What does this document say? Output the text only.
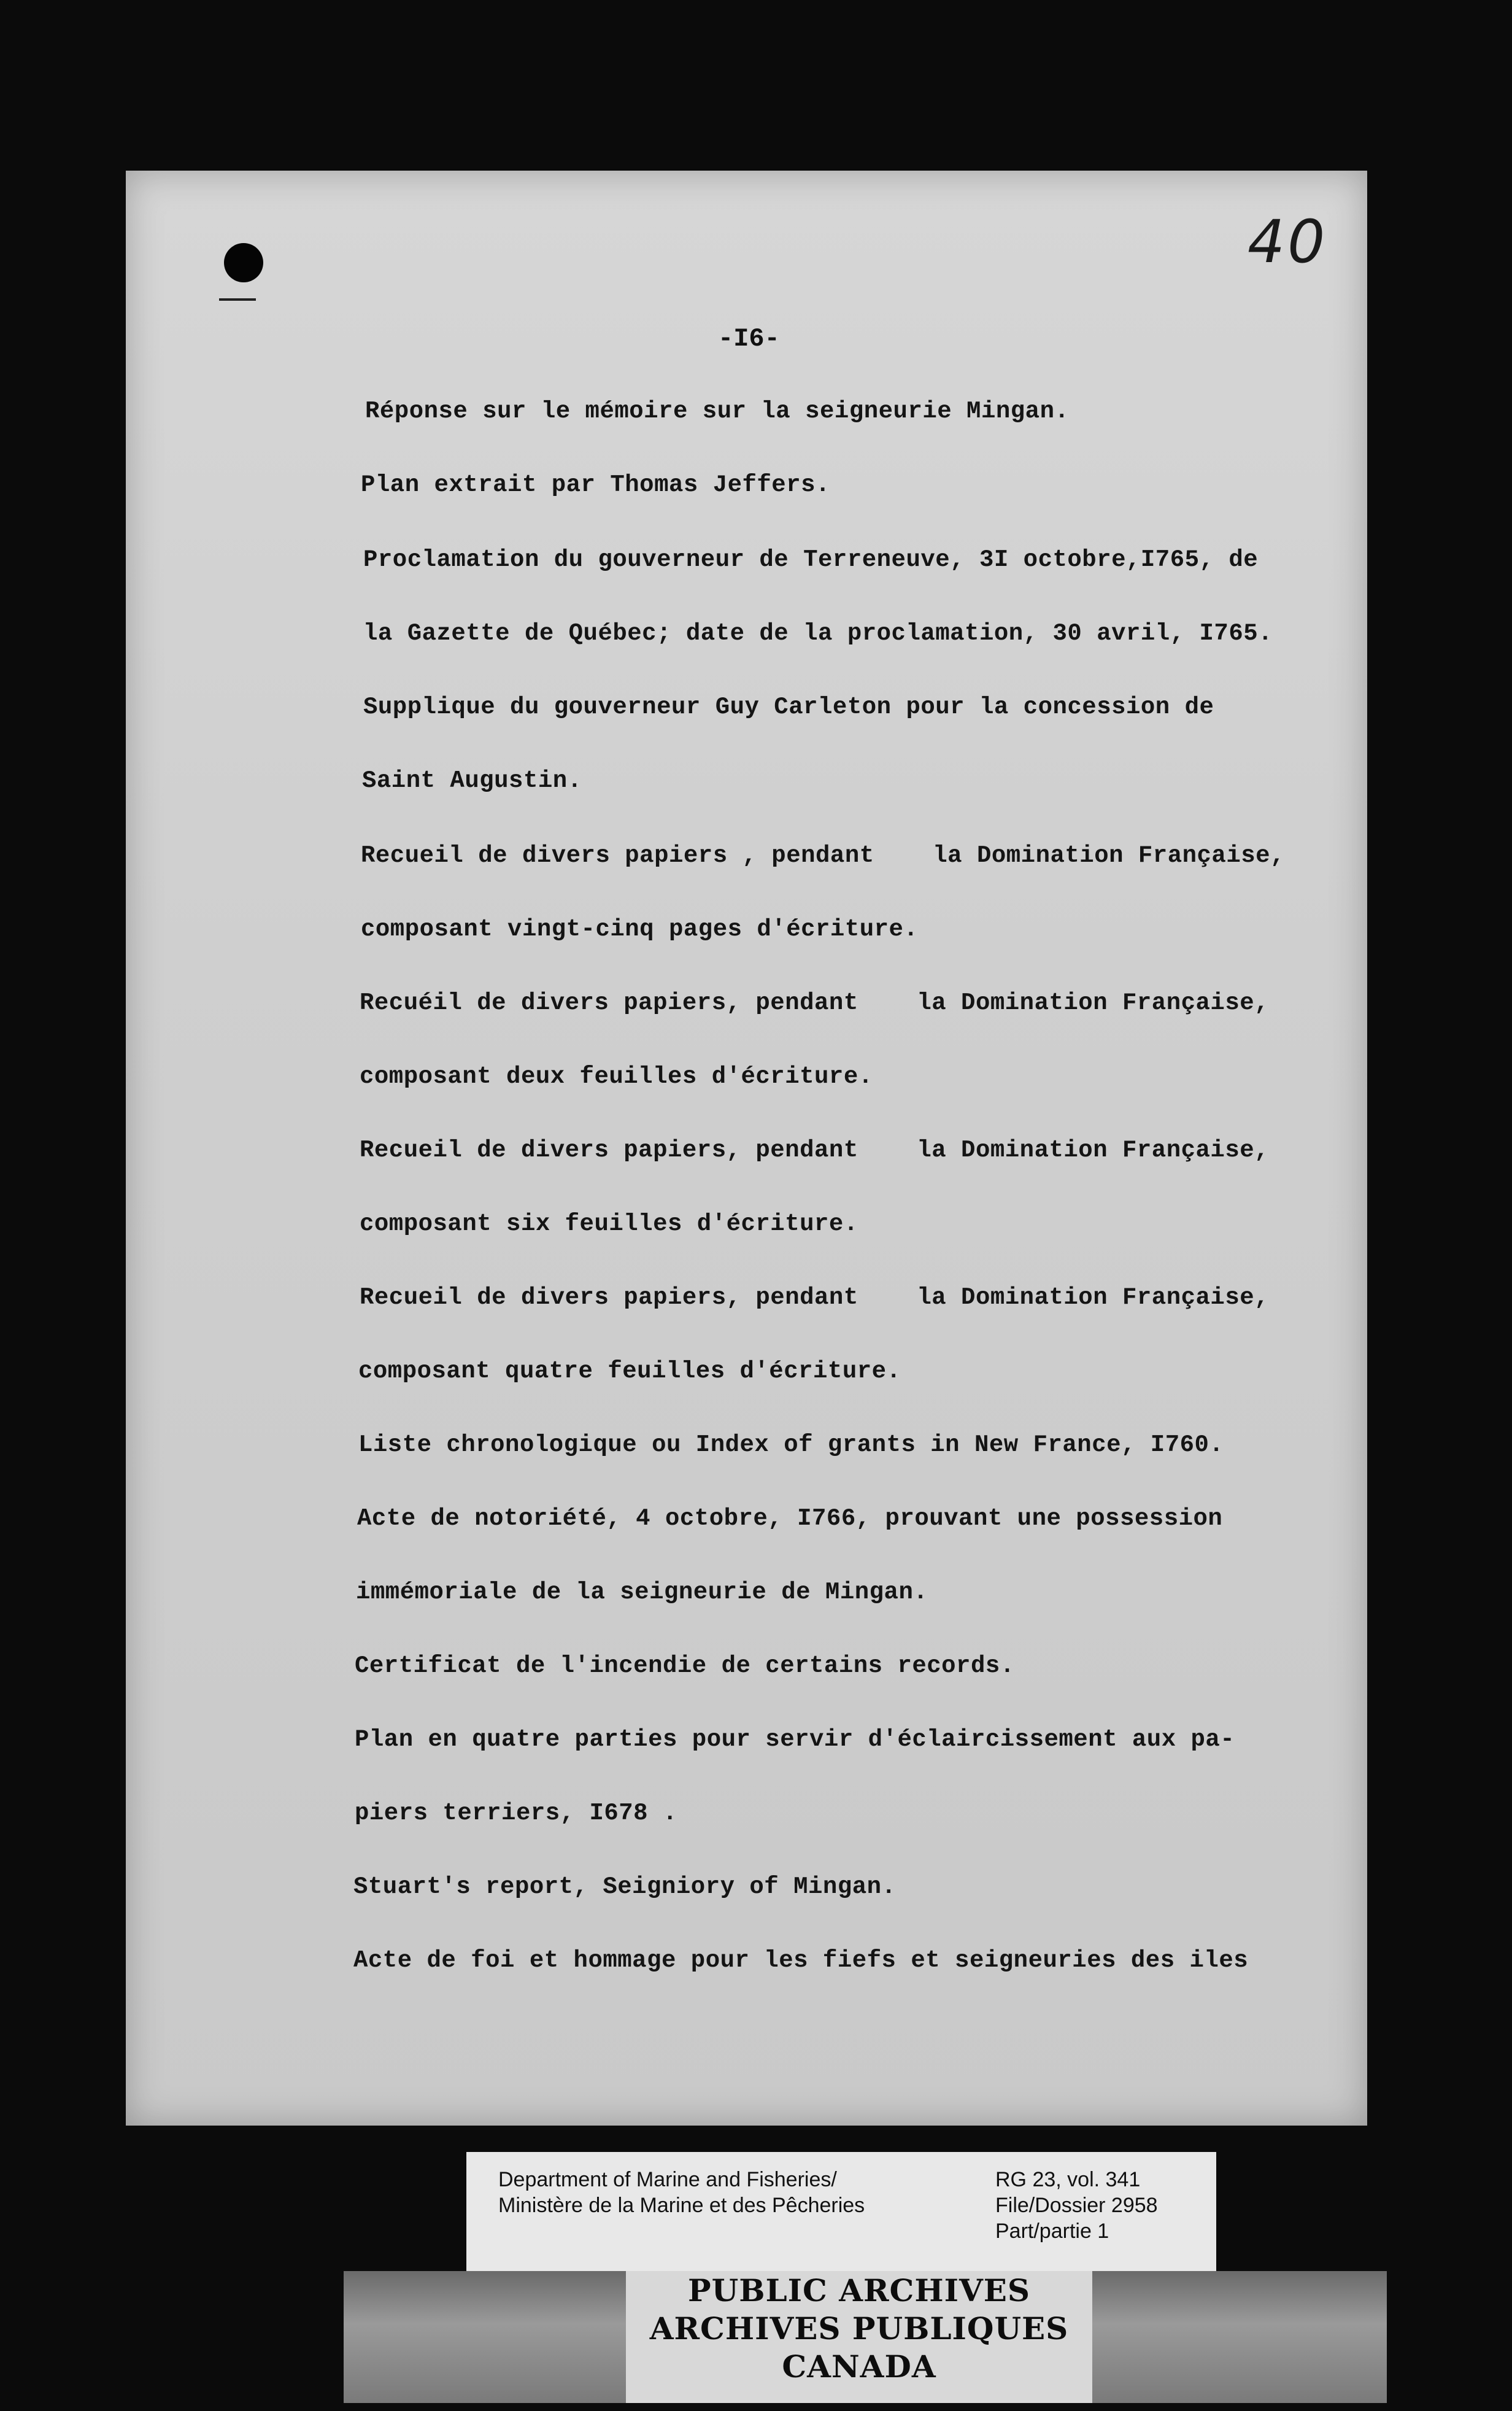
40
-I6-
Réponse sur le mémoire sur la seigneurie Mingan.
Plan extrait par Thomas Jeffers.
Proclamation du gouverneur de Terreneuve, 3I octobre,I765, de
la Gazette de Québec; date de la proclamation, 30 avril, I765.
Supplique du gouverneur Guy Carleton pour la concession de
Saint Augustin.
Recueil de divers papiers , pendant    la Domination Française,
composant vingt-cinq pages d'écriture.
Recuéil de divers papiers, pendant    la Domination Française,
composant deux feuilles d'écriture.
Recueil de divers papiers, pendant    la Domination Française,
composant six feuilles d'écriture.
Recueil de divers papiers, pendant    la Domination Française,
composant quatre feuilles d'écriture.
Liste chronologique ou Index of grants in New France, I760.
Acte de notoriété, 4 octobre, I766, prouvant une possession
immémoriale de la seigneurie de Mingan.
Certificat de l'incendie de certains records.
Plan en quatre parties pour servir d'éclaircissement aux pa-
piers terriers, I678 .
Stuart's report, Seigniory of Mingan.
Acte de foi et hommage pour les fiefs et seigneuries des iles
Department of Marine and Fisheries/
Ministère de la Marine et des Pêcheries
RG 23, vol. 341
File/Dossier 2958
Part/partie 1
PUBLIC ARCHIVES
ARCHIVES PUBLIQUES
CANADA
